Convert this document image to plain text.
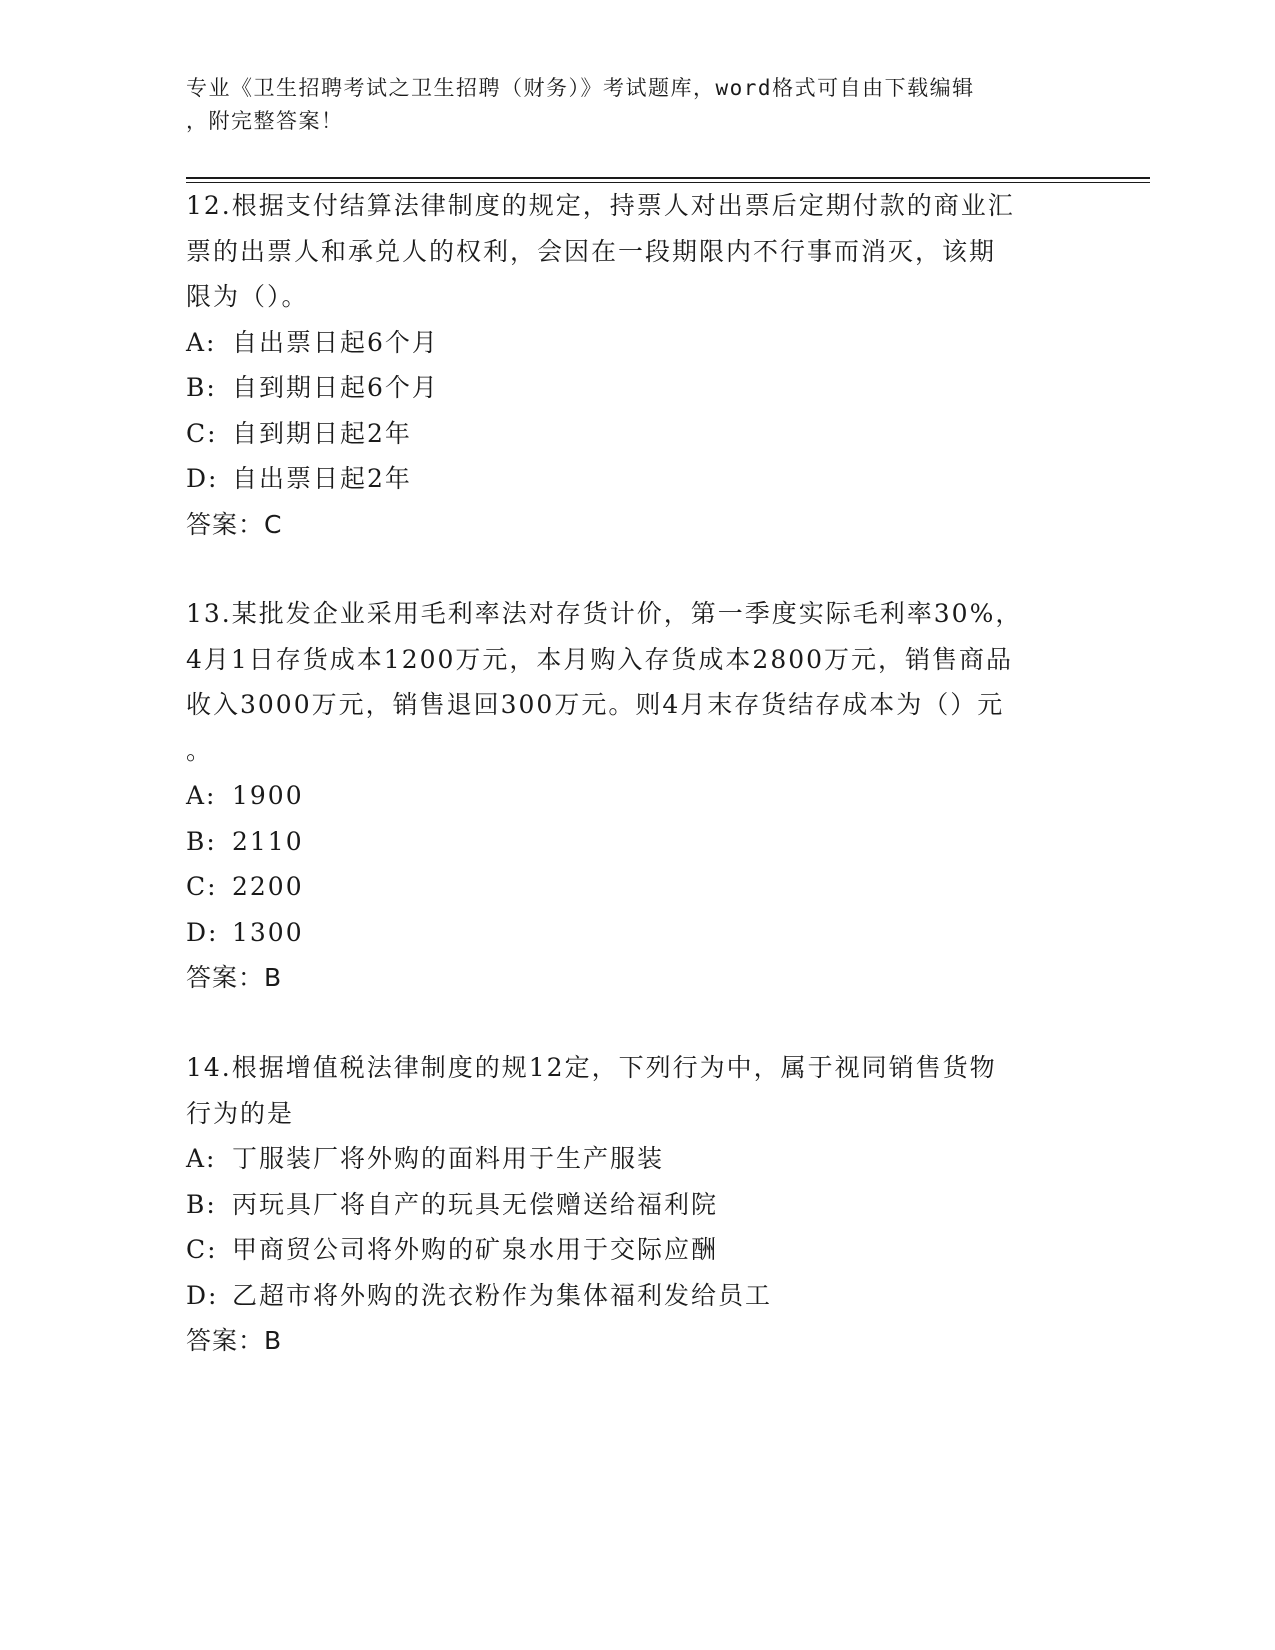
专业《卫生招聘考试之卫生招聘（财务）》考试题库，word格式可自由下载编辑
，附完整答案！

12.根据支付结算法律制度的规定，持票人对出票后定期付款的商业汇

票的出票人和承兑人的权利，会因在一段期限内不行事而消灭，该期

限为（）。

A: 自出票日起6个月

B: 自到期日起6个月

C: 自到期日起2年

D: 自出票日起2年

答案：C

13.某批发企业采用毛利率法对存货计价，第一季度实际毛利率30%，

4月1日存货成本1200万元，本月购入存货成本2800万元，销售商品

收入3000万元，销售退回300万元。则4月末存货结存成本为（）元

。

A: 1900

B: 2110

C: 2200

D: 1300

答案：B

14.根据增值税法律制度的规12定，下列行为中，属于视同销售货物

行为的是

A: 丁服装厂将外购的面料用于生产服装

B: 丙玩具厂将自产的玩具无偿赠送给福利院

C: 甲商贸公司将外购的矿泉水用于交际应酬

D: 乙超市将外购的洗衣粉作为集体福利发给员工

答案：B
